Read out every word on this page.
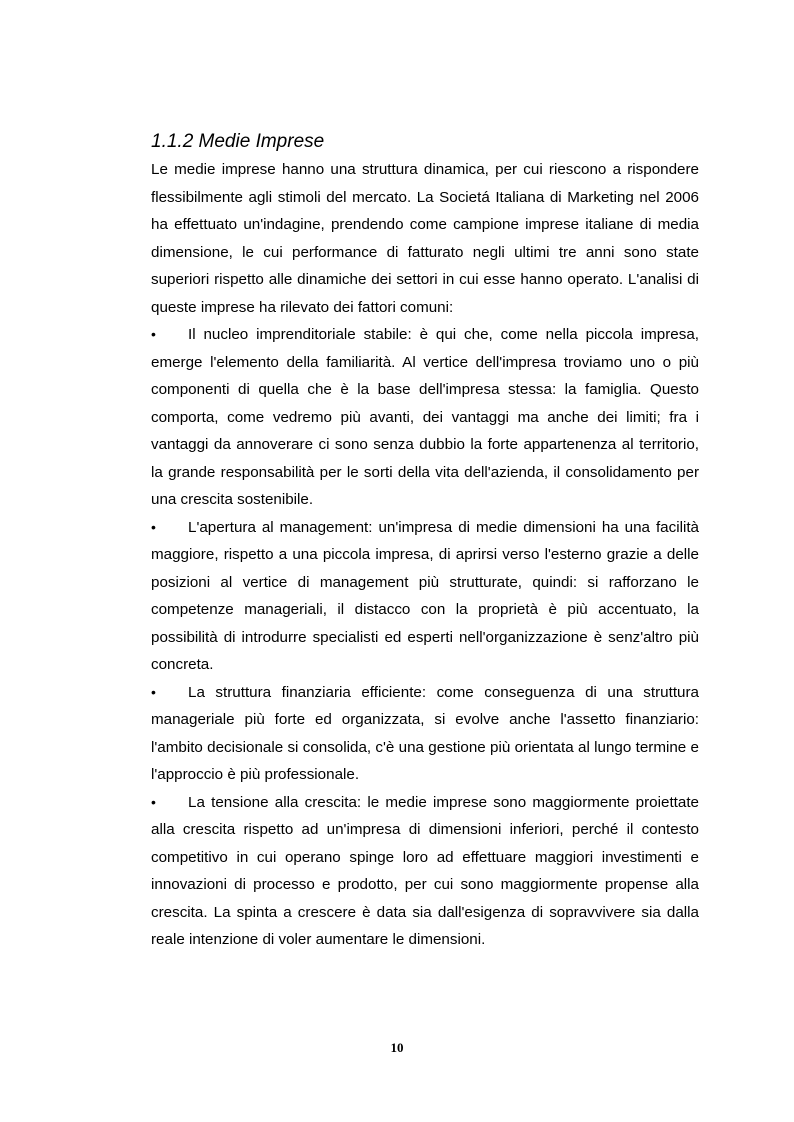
1.1.2 Medie Imprese

Le medie imprese hanno una struttura dinamica, per cui riescono a rispondere flessibilmente agli stimoli del mercato. La Societá Italiana di Marketing nel 2006 ha effettuato un'indagine, prendendo come campione imprese italiane di media dimensione, le cui performance di fatturato negli ultimi tre anni sono state superiori rispetto alle dinamiche dei settori in cui esse hanno operato. L'analisi di queste imprese ha rilevato dei fattori comuni:

• Il nucleo imprenditoriale stabile: è qui che, come nella piccola impresa, emerge l'elemento della familiarità. Al vertice dell'impresa troviamo uno o più componenti di quella che è la base dell'impresa stessa: la famiglia. Questo comporta, come vedremo più avanti, dei vantaggi ma anche dei limiti; fra i vantaggi da annoverare ci sono senza dubbio la forte appartenenza al territorio, la grande responsabilità per le sorti della vita dell'azienda, il consolidamento per una crescita sostenibile.

• L'apertura al management: un'impresa di medie dimensioni ha una facilità maggiore, rispetto a una piccola impresa, di aprirsi verso l'esterno grazie a delle posizioni al vertice di management più strutturate, quindi: si rafforzano le competenze manageriali, il distacco con la proprietà è più accentuato, la possibilità di introdurre specialisti ed esperti nell'organizzazione è senz'altro più concreta.

• La struttura finanziaria efficiente: come conseguenza di una struttura manageriale più forte ed organizzata, si evolve anche l'assetto finanziario: l'ambito decisionale si consolida, c'è una gestione più orientata al lungo termine e l'approccio è più professionale.

• La tensione alla crescita: le medie imprese sono maggiormente proiettate alla crescita rispetto ad un'impresa di dimensioni inferiori, perché il contesto competitivo in cui operano spinge loro ad effettuare maggiori investimenti e innovazioni di processo e prodotto, per cui sono maggiormente propense alla crescita. La spinta a crescere è data sia dall'esigenza di sopravvivere sia dalla reale intenzione di voler aumentare le dimensioni.

10
